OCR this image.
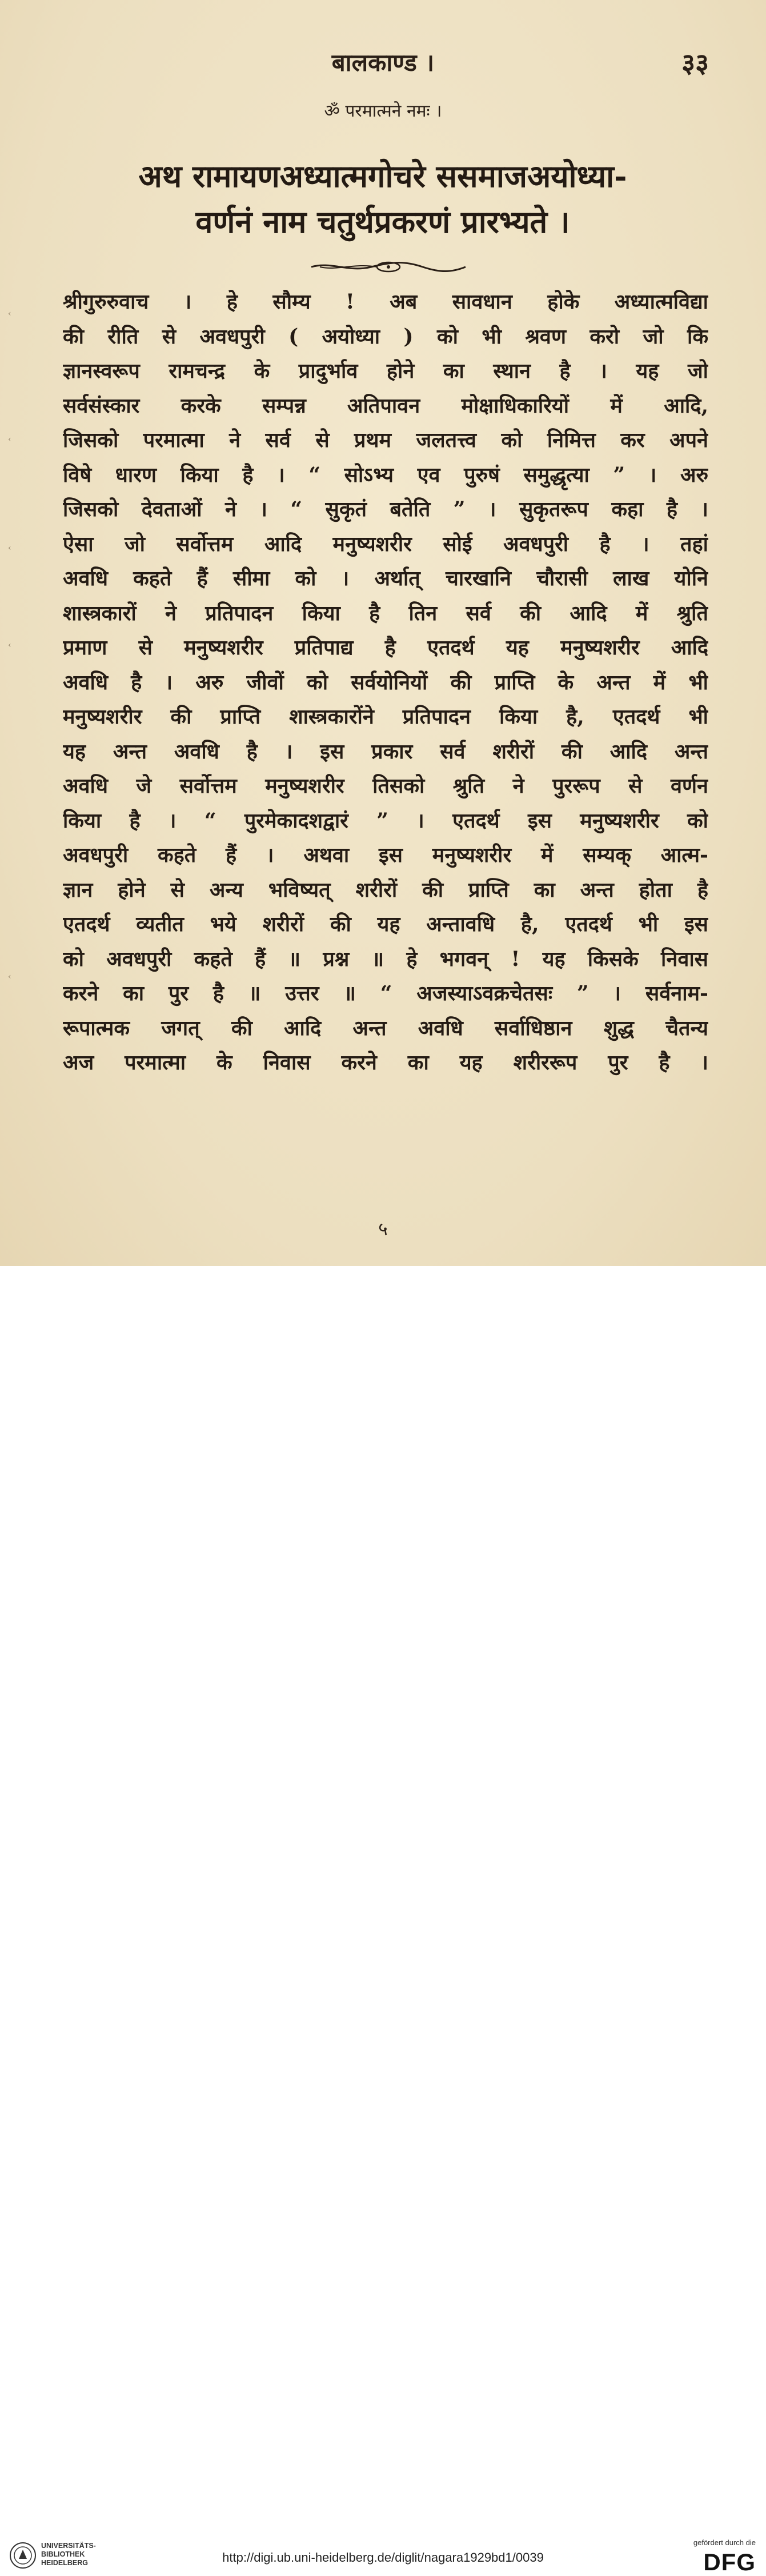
‹
‹
‹
‹
‹
बालकाण्ड ।	३३
ॐ परमात्मने नमः ।
अथ रामायणअध्यात्मगोचरे ससमाजअयोध्या-
वर्णनं नाम चतुर्थप्रकरणं प्रारभ्यते ।
श्रीगुरुरुवाच । हे सौम्य ! अब सावधान होके अध्यात्मविद्या
की रीति से अवधपुरी ( अयोध्या ) को भी श्रवण करो जो कि
ज्ञानस्वरूप रामचन्द्र के प्रादुर्भाव होने का स्थान है । यह जो
सर्वसंस्कार करके सम्पन्न अतिपावन मोक्षाधिकारियों में आदि,
जिसको परमात्मा ने सर्व से प्रथम जलतत्त्व को निमित्त कर अपने
विषे धारण किया है । “ सोऽभ्य एव पुरुषं समुद्धृत्या ” । अरु
जिसको देवताओं ने । “ सुकृतं बतेति ” । सुकृतरूप कहा है ।
ऐसा जो सर्वोत्तम आदि मनुष्यशरीर सोई अवधपुरी है । तहां
अवधि कहते हैं सीमा को । अर्थात् चारखानि चौरासी लाख योनि
शास्त्रकारों ने प्रतिपादन किया है तिन सर्व की आदि में श्रुति
प्रमाण से मनुष्यशरीर प्रतिपाद्य है एतदर्थ यह मनुष्यशरीर आदि
अवधि है । अरु जीवों को सर्वयोनियों की प्राप्ति के अन्त में भी
मनुष्यशरीर की प्राप्ति शास्त्रकारोंने प्रतिपादन किया है, एतदर्थ भी
यह अन्त अवधि है । इस प्रकार सर्व शरीरों की आदि अन्त
अवधि जे सर्वोत्तम मनुष्यशरीर तिसको श्रुति ने पुररूप से वर्णन
किया है । “ पुरमेकादशद्वारं ” । एतदर्थ इस मनुष्यशरीर को
अवधपुरी कहते हैं । अथवा इस मनुष्यशरीर में सम्यक् आत्म-
ज्ञान होने से अन्य भविष्यत् शरीरों की प्राप्ति का अन्त होता है
एतदर्थ व्यतीत भये शरीरों की यह अन्तावधि है, एतदर्थ भी इस
को अवधपुरी कहते हैं ॥ प्रश्न ॥ हे भगवन् ! यह किसके निवास
करने का पुर है ॥ उत्तर ॥ “ अजस्याऽवक्रचेतसः ” । सर्वनाम-
रूपात्मक जगत् की आदि अन्त अवधि सर्वाधिष्ठान शुद्ध चैतन्य
अज परमात्मा के निवास करने का यह शरीररूप पुर है ।
५
UNIVERSITÄTS-
BIBLIOTHEK
HEIDELBERG	http://digi.ub.uni-heidelberg.de/diglit/nagara1929bd1/0039
gefördert durch die
DFG
